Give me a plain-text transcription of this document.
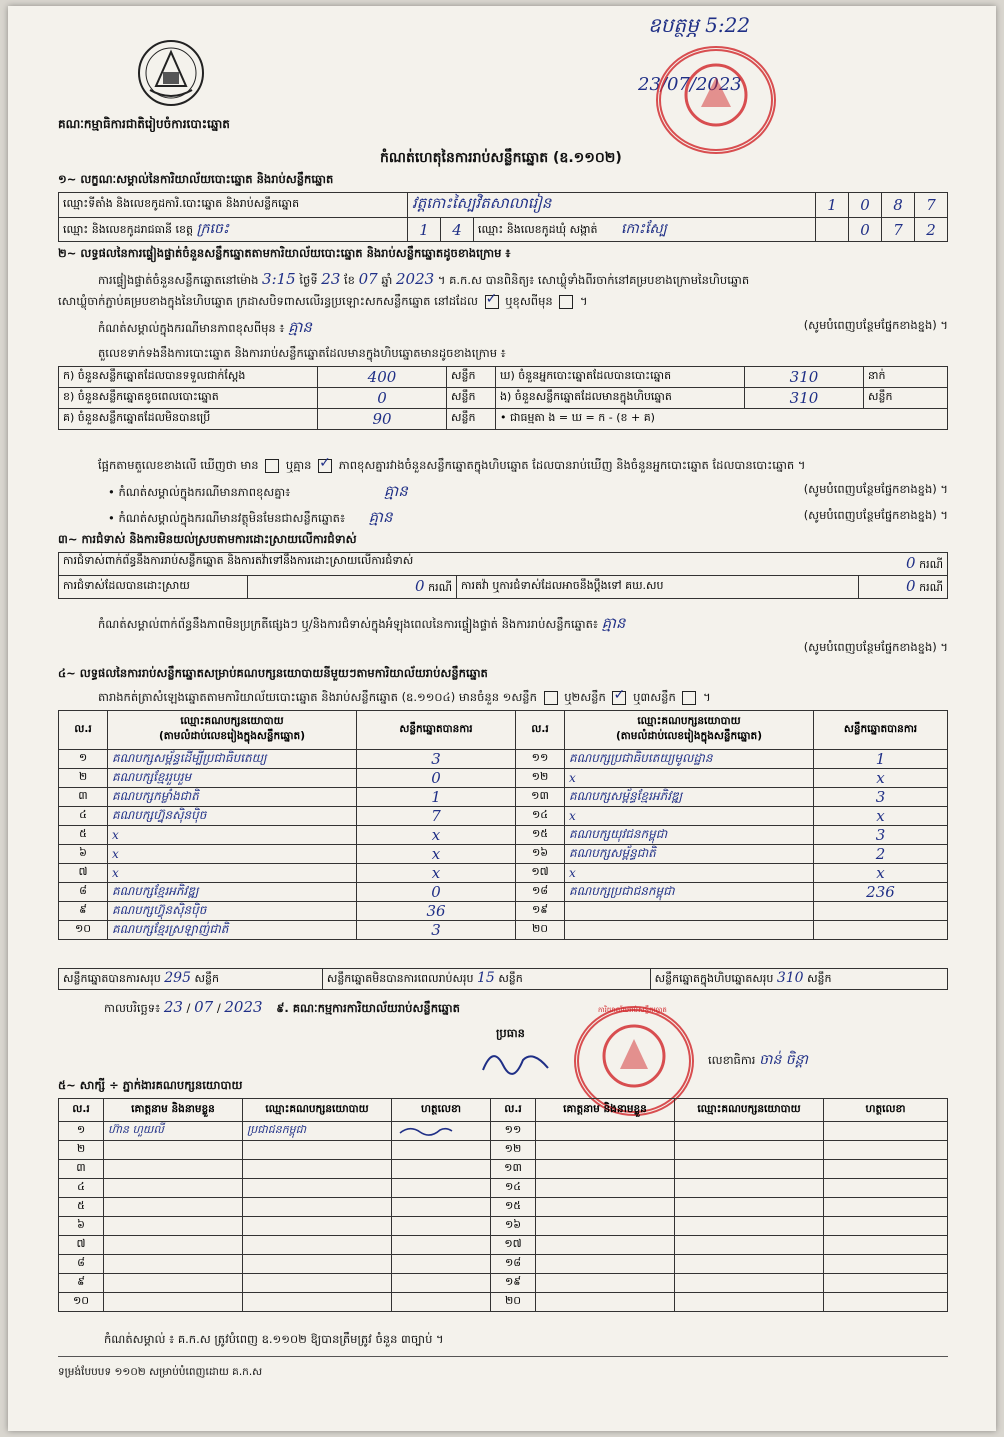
គណៈកម្មាធិការជាតិរៀបចំការបោះឆ្នោត
ឧបត្ថម្ភ 5:22
23/07/2023
កំណត់ហេតុនៃការរាប់សន្លឹកឆ្នោត (ឧ.១១០២)
១~ លក្ខណៈសម្គាល់នៃការិយាល័យបោះឆ្នោត និងរាប់សន្លឹកឆ្នោត
ឈ្មោះទីតាំង និងលេខកូដការិ.បោះឆ្នោត និងរាប់សន្លឹកឆ្នោត	វត្តកោះស្បៃវិតសាលារៀន			1	0	8	7
ឈ្មោះ និងលេខកូដរាជធានី ខេត្ត ក្រចេះ	1	4	ឈ្មោះ និងលេខកូដឃុំ សង្កាត់ កោះស្បែ		0	7	2
២~ លទ្ធផលនៃការផ្ទៀងផ្ទាត់ចំនួនសន្លឹកឆ្នោតតាមការិយាល័យបោះឆ្នោត និងរាប់សន្លឹកឆ្នោតដូចខាងក្រោម ៖
ការផ្ទៀងផ្ទាត់ចំនួនសន្លឹកឆ្នោតនៅម៉ោង 3:15 ថ្ងៃទី 23 ខែ 07 ឆ្នាំ 2023 ។ គ.ក.ស បានពិនិត្យ៖ សោឃ្លុំទាំងពីរចាក់នៅគម្របខាងក្រោមនៃហិបឆ្នោត
សោឃ្លុំចាក់ភ្ជាប់គម្របខាងក្នុងនៃហិបឆ្នោត ក្រដាសបិទពាសលើរន្ធប្រឡោះសកសន្លឹកឆ្នោត នៅដដែល ✓ ឬខុសពីមុន  ។
កំណត់សម្គាល់ក្នុងករណីមានភាពខុសពីមុន ៖ គ្មាន	(សូមបំពេញបន្ថែមផ្នែកខាងខ្នង) ។
តួលេខទាក់ទងនឹងការបោះឆ្នោត និងការរាប់សន្លឹកឆ្នោតដែលមានក្នុងហិបឆ្នោតមានដូចខាងក្រោម ៖
ក) ចំនួនសន្លឹកឆ្នោតដែលបានទទួលជាក់ស្តែង	400	សន្លឹក	ឃ) ចំនួនអ្នកបោះឆ្នោតដែលបានបោះឆ្នោត	310	នាក់
ខ) ចំនួនសន្លឹកឆ្នោតខូចពេលបោះឆ្នោត	0	សន្លឹក	ង) ចំនួនសន្លឹកឆ្នោតដែលមានក្នុងហិបឆ្នោត	310	សន្លឹក
គ) ចំនួនសន្លឹកឆ្នោតដែលមិនបានប្រើ	90	សន្លឹក	• ជាធម្មតា ង = ឃ = ក - (ខ + គ)		
ផ្អែកតាមតួលេខខាងលើ ឃើញថា មាន ឬគ្មាន ✓ ភាពខុសគ្នារវាងចំនួនសន្លឹកឆ្នោតក្នុងហិបឆ្នោត ដែលបានរាប់ឃើញ និងចំនួនអ្នកបោះឆ្នោត ដែលបានបោះឆ្នោត ។
• កំណត់សម្គាល់ក្នុងករណីមានភាពខុសគ្នា៖	គ្មាន	(សូមបំពេញបន្ថែមផ្នែកខាងខ្នង) ។
• កំណត់សម្គាល់ក្នុងករណីមានវត្ថុមិនមែនជាសន្លឹកឆ្នោត៖ គ្មាន	(សូមបំពេញបន្ថែមផ្នែកខាងខ្នង) ។
៣~ ការជំទាស់ និងការមិនយល់ស្របតាមការដោះស្រាយលើការជំទាស់
ការជំទាស់ពាក់ព័ន្ធនឹងការរាប់សន្លឹកឆ្នោត និងការតវ៉ាទៅនឹងការដោះស្រាយលើការជំទាស់	0 ករណី

ការជំទាស់ដែលបានដោះស្រាយ	0 ករណី	ការតវ៉ា ឬការជំទាស់ដែលអាចនឹងប្តឹងទៅ គឃ.សប	0 ករណី
កំណត់សម្គាល់ពាក់ព័ន្ធនឹងភាពមិនប្រក្រតីផ្សេងៗ ឬ/និងការជំទាស់ក្នុងអំឡុងពេលនៃការផ្ទៀងផ្ទាត់ និងការរាប់សន្លឹកឆ្នោត៖ គ្មាន
(សូមបំពេញបន្ថែមផ្នែកខាងខ្នង) ។
៤~ លទ្ធផលនៃការរាប់សន្លឹកឆ្នោតសម្រាប់គណបក្សនយោបាយនីមួយៗតាមការិយាល័យរាប់សន្លឹកឆ្នោត
តារាងកត់ត្រាសំឡេងឆ្នោតតាមការិយាល័យបោះឆ្នោត និងរាប់សន្លឹកឆ្នោត (ឧ.១១០៤) មានចំនួន ១សន្លឹក ឬ២សន្លឹក ✓ ឬ៣សន្លឹក  ។
ល.រ	ឈ្មោះគណបក្សនយោបាយ
(តាមលំដាប់លេខរៀងក្នុងសន្លឹកឆ្នោត)	សន្លឹកឆ្នោតបានការ	ល.រ	ឈ្មោះគណបក្សនយោបាយ
(តាមលំដាប់លេខរៀងក្នុងសន្លឹកឆ្នោត)	សន្លឹកឆ្នោតបានការ
១	គណបក្សសម្ព័ន្ធដើម្បីប្រជាធិបតេយ្យ	3	១១	គណបក្សប្រជាធិបតេយ្យមូលដ្ឋាន	1
២	គណបក្សខ្មែររួបរួម	0	១២	x	x
៣	គណបក្សកម្លាំងជាតិ	1	១៣	គណបក្សសម្ព័ន្ធខ្មែរអភិវឌ្ឍ	3
៤	គណបក្សហ្វ៊ុនស៊ិនប៉ិច	7	១៤	x	x
៥	x	x	១៥	គណបក្សយុវជនកម្ពុជា	3
៦	x	x	១៦	គណបក្សសម្ព័ន្ធជាតិ	2
៧	x	x	១៧	x	x
៨	គណបក្សខ្មែរអភិវឌ្ឍ	0	១៨	គណបក្សប្រជាជនកម្ពុជា	236
៩	គណបក្សហ៊្វុនស៊ិនប៉ិច	36	១៩		
១០	គណបក្សខ្មែរស្រឡាញ់ជាតិ	3	២០		
សន្លឹកឆ្នោតបានការសរុប 295 សន្លឹក	សន្លឹកឆ្នោតមិនបានការពេលរាប់សរុប 15 សន្លឹក	សន្លឹកឆ្នោតក្នុងហិបឆ្នោតសរុប 310 សន្លឹក
កាលបរិច្ឆេទ៖ 23 / 07 / 2023 ៩. គណៈកម្មការការិយាល័យរាប់សន្លឹកឆ្នោត
ប្រធាន
ការិយាល័យរាប់សន្លឹកឆ្នោត
លេខាធិការ ចាន់ ចិន្តា
៥~ សាក្សី ÷ ភ្នាក់ងារគណបក្សនយោបាយ
ល.រ	គោត្តនាម និងនាមខ្លួន	ឈ្មោះគណបក្សនយោបាយ	ហត្ថលេខា	ល.រ	គោត្តនាម និងនាមខ្លួន	ឈ្មោះគណបក្សនយោបាយ	ហត្ថលេខា
១	ហ៊ាន ហួយលី	ប្រជាជនកម្ពុជា		១១			
២				១២			
៣				១៣			
៤				១៤			
៥				១៥			
៦				១៦			
៧				១៧			
៨				១៨			
៩				១៩			
១០				២០			
កំណត់សម្គាល់ ៖ គ.ក.ស ត្រូវបំពេញ ឧ.១១០២ ឱ្យបានត្រឹមត្រូវ ចំនួន ៣ច្បាប់ ។
ទម្រង់បែបបទ ១១០២ សម្រាប់បំពេញដោយ គ.ក.ស
